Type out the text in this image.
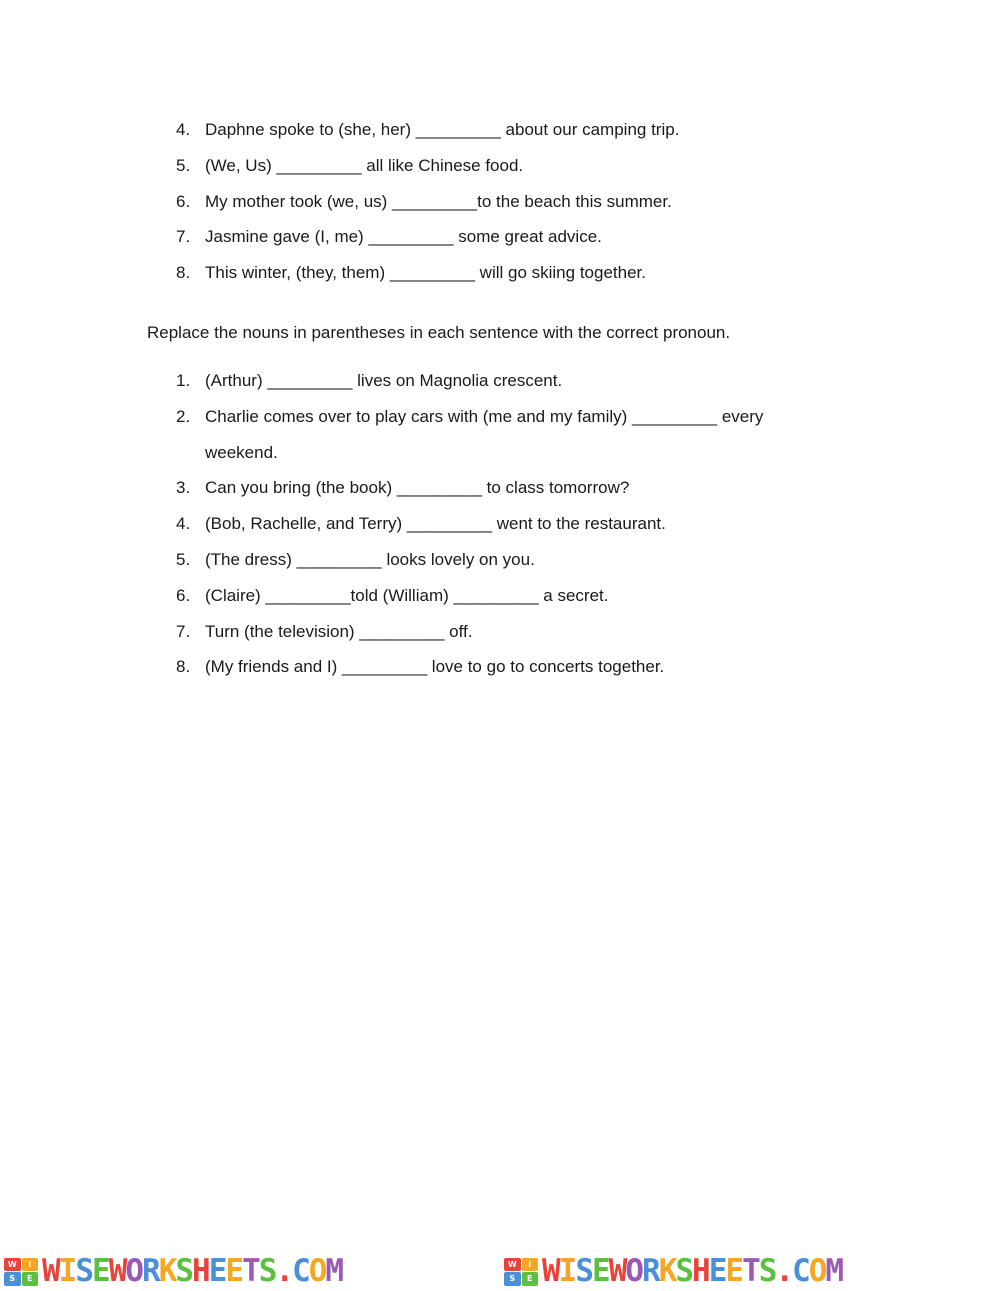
4. Daphne spoke to (she, her) _________ about our camping trip.
5. (We, Us) _________ all like Chinese food.
6. My mother took (we, us) _________to the beach this summer.
7. Jasmine gave (I, me) _________ some great advice.
8. This winter, (they, them) _________ will go skiing together.

Replace the nouns in parentheses in each sentence with the correct pronoun.

1. (Arthur) _________ lives on Magnolia crescent.
2. Charlie comes over to play cars with (me and my family) _________ every weekend.
3. Can you bring (the book) _________ to class tomorrow?
4. (Bob, Rachelle, and Terry) _________ went to the restaurant.
5. (The dress) _________ looks lovely on you.
6. (Claire) _________told (William) _________ a secret.
7. Turn (the television) _________ off.
8. (My friends and I) _________ love to go to concerts together.
W	I
S	E WISEWORKSHEETS.COM	W	I
S	E WISEWORKSHEETS.COM
